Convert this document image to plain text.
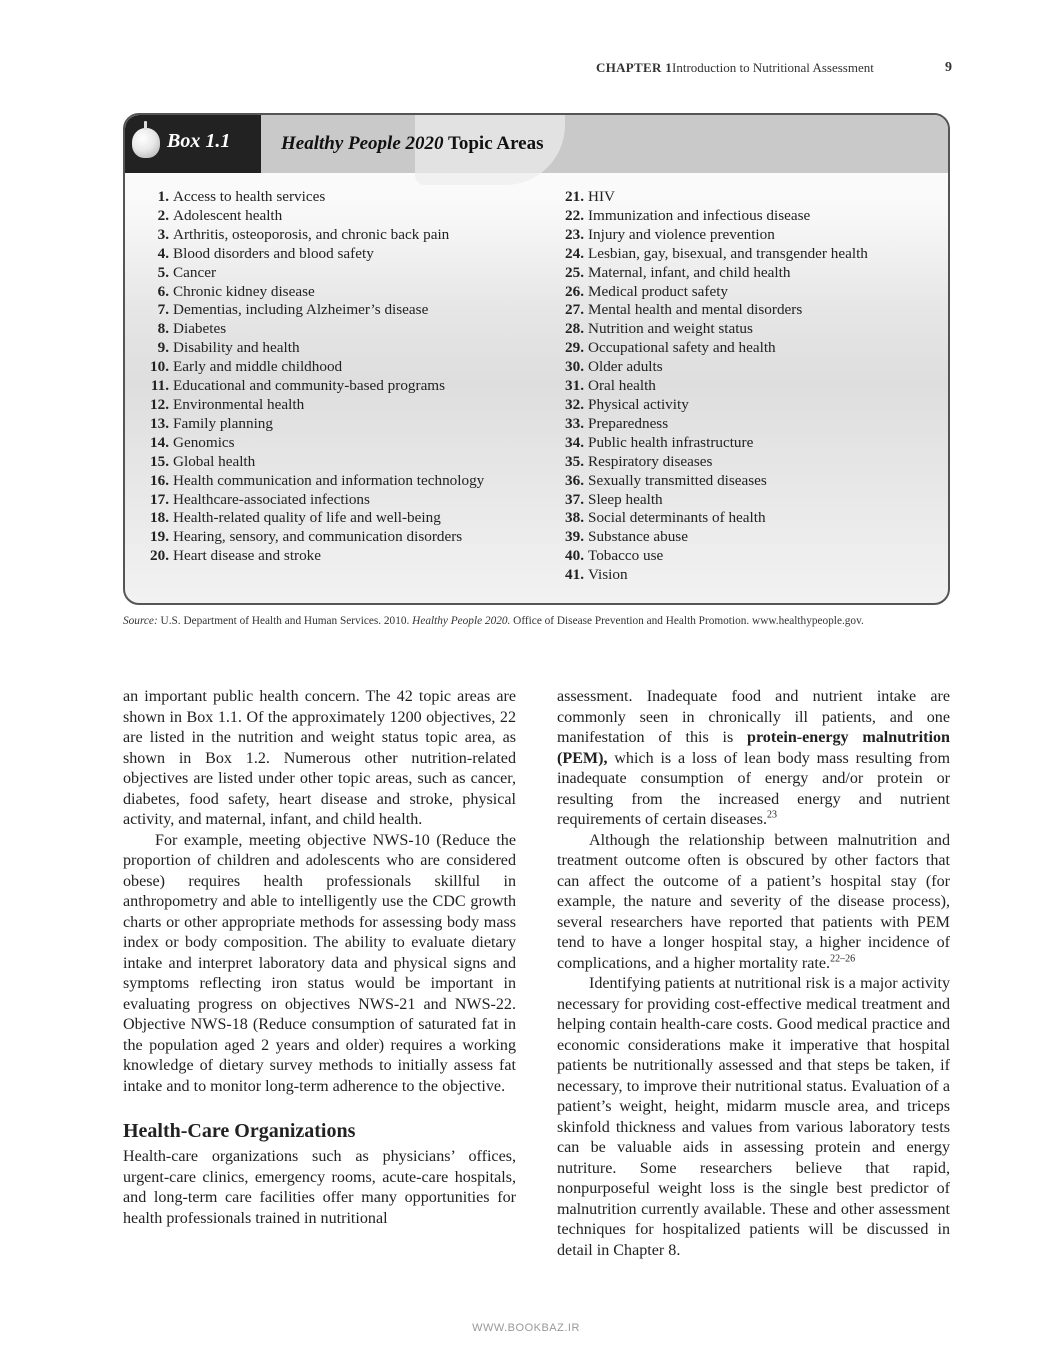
CHAPTER 1 Introduction to Nutritional Assessment	9
Box 1.1	Healthy People 2020 Topic Areas
1. Access to health services
2. Adolescent health
3. Arthritis, osteoporosis, and chronic back pain
4. Blood disorders and blood safety
5. Cancer
6. Chronic kidney disease
7. Dementias, including Alzheimer’s disease
8. Diabetes
9. Disability and health
10. Early and middle childhood
11. Educational and community-based programs
12. Environmental health
13. Family planning
14. Genomics
15. Global health
16. Health communication and information technology
17. Healthcare-associated infections
18. Health-related quality of life and well-being
19. Hearing, sensory, and communication disorders
20. Heart disease and stroke
21. HIV
22. Immunization and infectious disease
23. Injury and violence prevention
24. Lesbian, gay, bisexual, and transgender health
25. Maternal, infant, and child health
26. Medical product safety
27. Mental health and mental disorders
28. Nutrition and weight status
29. Occupational safety and health
30. Older adults
31. Oral health
32. Physical activity
33. Preparedness
34. Public health infrastructure
35. Respiratory diseases
36. Sexually transmitted diseases
37. Sleep health
38. Social determinants of health
39. Substance abuse
40. Tobacco use
41. Vision
Source: U.S. Department of Health and Human Services. 2010. Healthy People 2020. Office of Disease Prevention and Health Promotion. www.healthypeople.gov.

an important public health concern. The 42 topic areas are shown in Box 1.1. Of the approximately 1200 objectives, 22 are listed in the nutrition and weight status topic area, as shown in Box 1.2. Numerous other nutrition-related objectives are listed under other topic areas, such as cancer, diabetes, food safety, heart disease and stroke, physical activity, and maternal, infant, and child health.

For example, meeting objective NWS-10 (Reduce the proportion of children and adolescents who are considered obese) requires health professionals skillful in anthropometry and able to intelligently use the CDC growth charts or other appropriate methods for assessing body mass index or body composition. The ability to evaluate dietary intake and interpret laboratory data and physical signs and symptoms reflecting iron status would be important in evaluating progress on objectives NWS-21 and NWS-22. Objective NWS-18 (Reduce consumption of saturated fat in the population aged 2 years and older) requires a working knowledge of dietary survey methods to initially assess fat intake and to monitor long-term adherence to the objective.

Health-Care Organizations

Health-care organizations such as physicians’ offices, urgent-care clinics, emergency rooms, acute-care hospitals, and long-term care facilities offer many opportunities for health professionals trained in nutritional

assessment. Inadequate food and nutrient intake are commonly seen in chronically ill patients, and one manifestation of this is protein-energy malnutrition (PEM), which is a loss of lean body mass resulting from inadequate consumption of energy and/or protein or resulting from the increased energy and nutrient requirements of certain diseases.$^{23}$

Although the relationship between malnutrition and treatment outcome often is obscured by other factors that can affect the outcome of a patient’s hospital stay (for example, the nature and severity of the disease process), several researchers have reported that patients with PEM tend to have a longer hospital stay, a higher incidence of complications, and a higher mortality rate.$^{22-26}$

Identifying patients at nutritional risk is a major activity necessary for providing cost-effective medical treatment and helping contain health-care costs. Good medical practice and economic considerations make it imperative that hospital patients be nutritionally assessed and that steps be taken, if necessary, to improve their nutritional status. Evaluation of a patient’s weight, height, midarm muscle area, and triceps skinfold thickness and values from various laboratory tests can be valuable aids in assessing protein and energy nutriture. Some researchers believe that rapid, nonpurposeful weight loss is the single best predictor of malnutrition currently available. These and other assessment techniques for hospitalized patients will be discussed in detail in Chapter 8.

WWW.BOOKBAZ.IR
